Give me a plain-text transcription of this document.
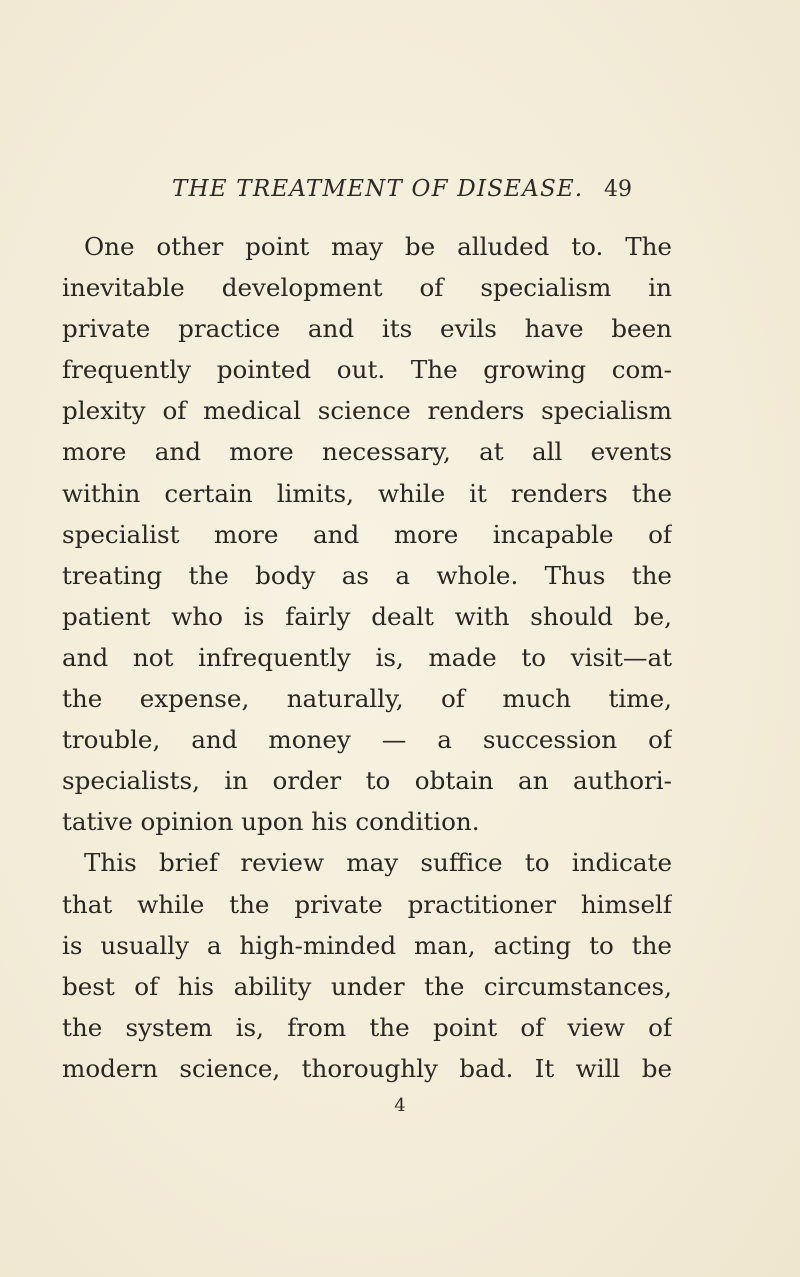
THE TREATMENT OF DISEASE. 49
One other point may be alluded to. The
inevitable development of specialism in
private practice and its evils have been
frequently pointed out. The growing com-
plexity of medical science renders specialism
more and more necessary, at all events
within certain limits, while it renders the
specialist more and more incapable of
treating the body as a whole. Thus the
patient who is fairly dealt with should be,
and not infrequently is, made to visit—at
the expense, naturally, of much time,
trouble, and money — a succession of
specialists, in order to obtain an authori-
tative opinion upon his condition.
This brief review may suffice to indicate
that while the private practitioner himself
is usually a high-minded man, acting to the
best of his ability under the circumstances,
the system is, from the point of view of
modern science, thoroughly bad. It will be
4
